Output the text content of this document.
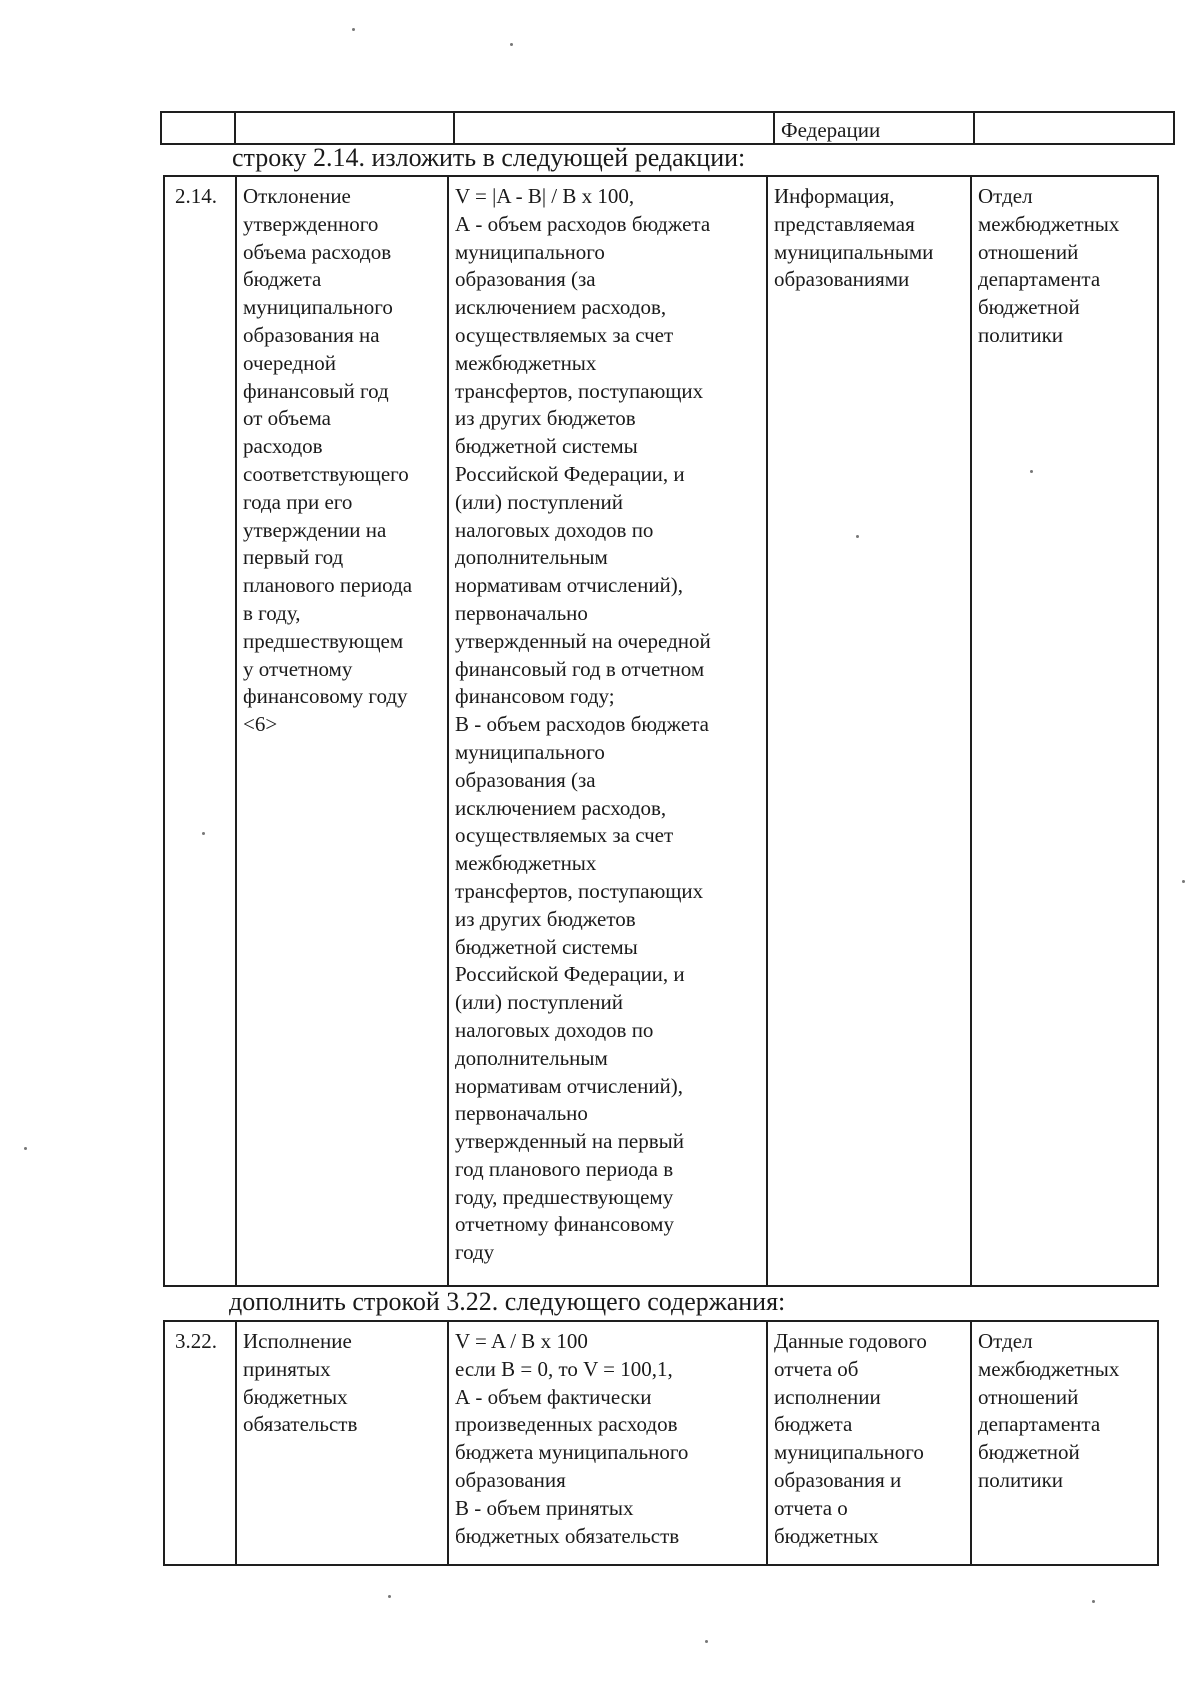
Федерации
строку 2.14. изложить в следующей редакции:
2.14.	Отклонение
утвержденного
объема расходов
бюджета
муниципального
образования на
очередной
финансовый год
от объема
расходов
соответствующего
года при его
утверждении на
первый год
планового периода
в году,
предшествующем
у отчетному
финансовому году
<6>
V = |A - B| / B x 100,
А - объем расходов бюджета
муниципального
образования (за
исключением расходов,
осуществляемых за счет
межбюджетных
трансфертов, поступающих
из других бюджетов
бюджетной системы
Российской Федерации, и
(или) поступлений
налоговых доходов по
дополнительным
нормативам отчислений),
первоначально
утвержденный на очередной
финансовый год в отчетном
финансовом году;
В - объем расходов бюджета
муниципального
образования (за
исключением расходов,
осуществляемых за счет
межбюджетных
трансфертов, поступающих
из других бюджетов
бюджетной системы
Российской Федерации, и
(или) поступлений
налоговых доходов по
дополнительным
нормативам отчислений),
первоначально
утвержденный на первый
год планового периода в
году, предшествующему
отчетному финансовому
году
Информация,
представляемая
муниципальными
образованиями
Отдел
межбюджетных
отношений
департамента
бюджетной
политики
дополнить строкой 3.22. следующего содержания:
3.22.	Исполнение
принятых
бюджетных
обязательств
V = A / B x 100
если B = 0, то V = 100,1,
А - объем фактически
произведенных расходов
бюджета муниципального
образования
В - объем принятых
бюджетных обязательств
Данные годового
отчета об
исполнении
бюджета
муниципального
образования и
отчета о
бюджетных
Отдел
межбюджетных
отношений
департамента
бюджетной
политики
